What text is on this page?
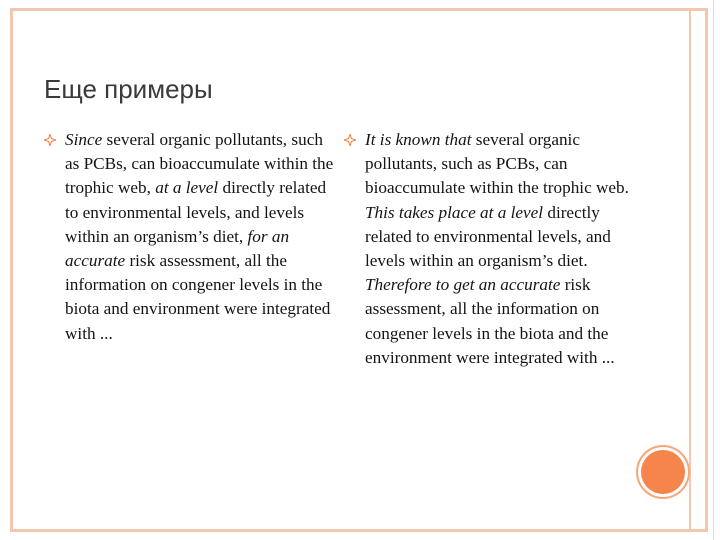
Еще примеры
Since several organic pollutants, such as PCBs, can bioaccumulate within the trophic web, at a level directly related to environmental levels, and levels within an organism’s diet, for an accurate risk assessment, all the information on congener levels in the biota and environment were integrated with ...
It is known that several organic pollutants, such as PCBs, can bioaccumulate within the trophic web. This takes place at a level directly related to environmental levels, and levels within an organism’s diet. Therefore to get an accurate risk assessment, all the information on congener levels in the biota and the environment were integrated with ...
